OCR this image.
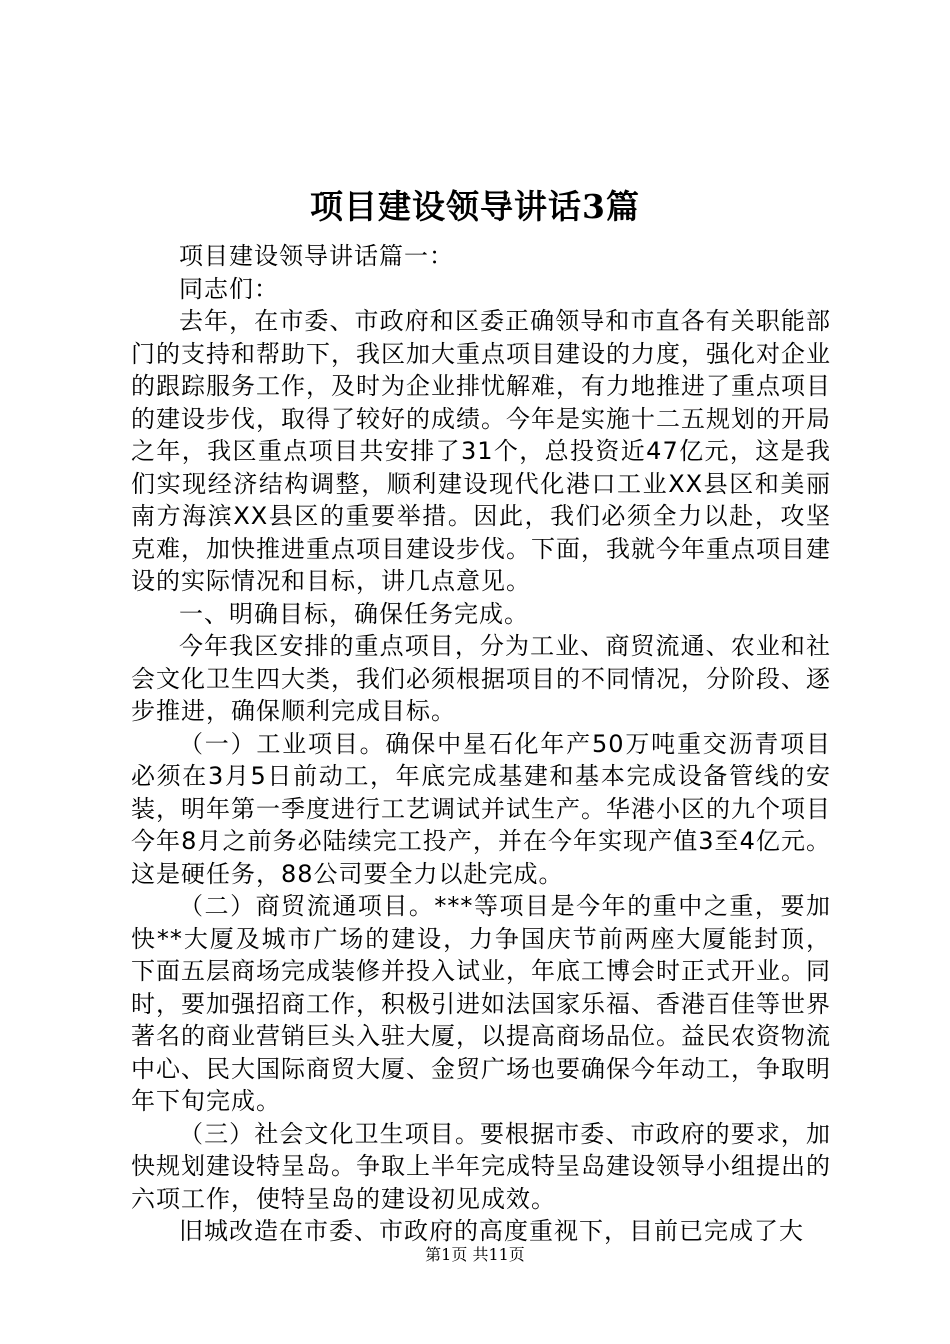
项目建设领导讲话3篇

项目建设领导讲话篇一：

同志们：

去年，在市委、市政府和区委正确领导和市直各有关职能部门的支持和帮助下，我区加大重点项目建设的力度，强化对企业的跟踪服务工作，及时为企业排忧解难，有力地推进了重点项目的建设步伐，取得了较好的成绩。今年是实施十二五规划的开局之年，我区重点项目共安排了31个，总投资近47亿元，这是我们实现经济结构调整，顺利建设现代化港口工业XX县区和美丽南方海滨XX县区的重要举措。因此，我们必须全力以赴，攻坚克难，加快推进重点项目建设步伐。下面，我就今年重点项目建设的实际情况和目标，讲几点意见。

一、明确目标，确保任务完成。

今年我区安排的重点项目，分为工业、商贸流通、农业和社会文化卫生四大类，我们必须根据项目的不同情况，分阶段、逐步推进，确保顺利完成目标。

（一）工业项目。确保中星石化年产50万吨重交沥青项目必须在3月5日前动工，年底完成基建和基本完成设备管线的安装，明年第一季度进行工艺调试并试生产。华港小区的九个项目今年8月之前务必陆续完工投产，并在今年实现产值3至4亿元。这是硬任务，88公司要全力以赴完成。

（二）商贸流通项目。***等项目是今年的重中之重，要加快**大厦及城市广场的建设，力争国庆节前两座大厦能封顶，下面五层商场完成装修并投入试业，年底工博会时正式开业。同时，要加强招商工作，积极引进如法国家乐福、香港百佳等世界著名的商业营销巨头入驻大厦，以提高商场品位。益民农资物流中心、民大国际商贸大厦、金贸广场也要确保今年动工，争取明年下旬完成。

（三）社会文化卫生项目。要根据市委、市政府的要求，加快规划建设特呈岛。争取上半年完成特呈岛建设领导小组提出的六项工作，使特呈岛的建设初见成效。

旧城改造在市委、市政府的高度重视下，目前已完成了大

第1页 共11页
